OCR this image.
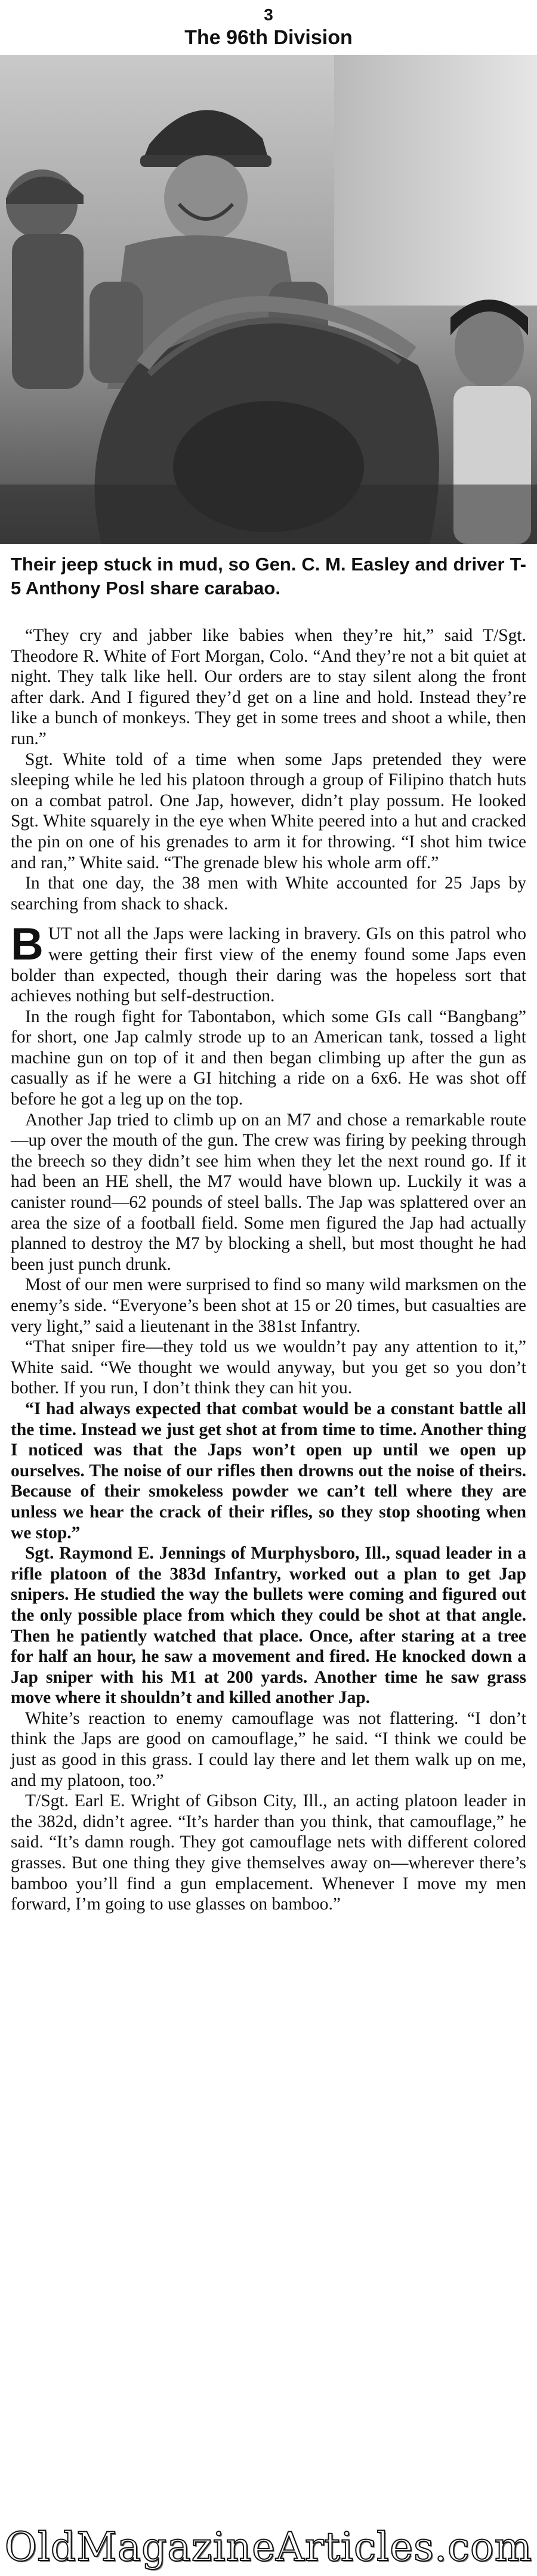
3
The 96th Division
Their jeep stuck in mud, so Gen. C. M. Easley and driver T-5 Anthony Posl share carabao.

“They cry and jabber like babies when they’re hit,” said T/Sgt. Theodore R. White of Fort Morgan, Colo. “And they’re not a bit quiet at night. They talk like hell. Our orders are to stay silent along the front after dark. And I figured they’d get on a line and hold. Instead they’re like a bunch of monkeys. They get in some trees and shoot a while, then run.”

Sgt. White told of a time when some Japs pretended they were sleeping while he led his platoon through a group of Filipino thatch huts on a combat patrol. One Jap, however, didn’t play possum. He looked Sgt. White squarely in the eye when White peered into a hut and cracked the pin on one of his grenades to arm it for throwing. “I shot him twice and ran,” White said. “The grenade blew his whole arm off.”

In that one day, the 38 men with White accounted for 25 Japs by searching from shack to shack.

BUT not all the Japs were lacking in bravery. GIs on this patrol who were getting their first view of the enemy found some Japs even bolder than expected, though their daring was the hopeless sort that achieves nothing but self-destruction.

In the rough fight for Tabontabon, which some GIs call “Bangbang” for short, one Jap calmly strode up to an American tank, tossed a light machine gun on top of it and then began climbing up after the gun as casually as if he were a GI hitching a ride on a 6x6. He was shot off before he got a leg up on the top.

Another Jap tried to climb up on an M7 and chose a remarkable route—up over the mouth of the gun. The crew was firing by peeking through the breech so they didn’t see him when they let the next round go. If it had been an HE shell, the M7 would have blown up. Luckily it was a canister round—62 pounds of steel balls. The Jap was splattered over an area the size of a football field. Some men figured the Jap had actually planned to destroy the M7 by blocking a shell, but most thought he had been just punch drunk.

Most of our men were surprised to find so many wild marksmen on the enemy’s side. “Everyone’s been shot at 15 or 20 times, but casualties are very light,” said a lieutenant in the 381st Infantry.

“That sniper fire—they told us we wouldn’t pay any attention to it,” White said. “We thought we would anyway, but you get so you don’t bother. If you run, I don’t think they can hit you.

“I had always expected that combat would be a constant battle all the time. Instead we just get shot at from time to time. Another thing I noticed was that the Japs won’t open up until we open up ourselves. The noise of our rifles then drowns out the noise of theirs. Because of their smokeless powder we can’t tell where they are unless we hear the crack of their rifles, so they stop shooting when we stop.”

Sgt. Raymond E. Jennings of Murphysboro, Ill., squad leader in a rifle platoon of the 383d Infantry, worked out a plan to get Jap snipers. He studied the way the bullets were coming and figured out the only possible place from which they could be shot at that angle. Then he patiently watched that place. Once, after staring at a tree for half an hour, he saw a movement and fired. He knocked down a Jap sniper with his M1 at 200 yards. Another time he saw grass move where it shouldn’t and killed another Jap.

White’s reaction to enemy camouflage was not flattering. “I don’t think the Japs are good on camouflage,” he said. “I think we could be just as good in this grass. I could lay there and let them walk up on me, and my platoon, too.”

T/Sgt. Earl E. Wright of Gibson City, Ill., an acting platoon leader in the 382d, didn’t agree. “It’s harder than you think, that camouflage,” he said. “It’s damn rough. They got camouflage nets with different colored grasses. But one thing they give themselves away on—wherever there’s bamboo you’ll find a gun emplacement. Whenever I move my men forward, I’m going to use glasses on bamboo.”

OldMagazineArticles.com
